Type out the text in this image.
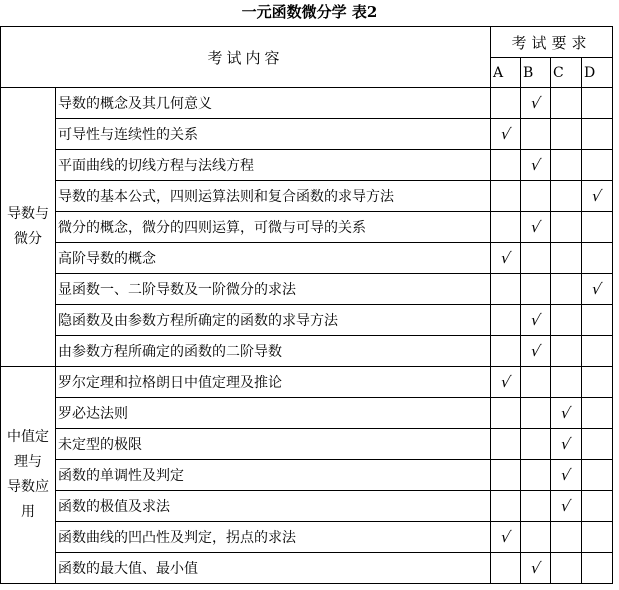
一元函数微分学 表2
考试内容		考试要求			
		A	B	C	D

导数与
微分	导数的概念及其几何意义		√		
	可导性与连续性的关系	√			
	平面曲线的切线方程与法线方程		√		
	导数的基本公式，四则运算法则和复合函数的求导方法				√
	微分的概念，微分的四则运算，可微与可导的关系		√		
	高阶导数的概念	√			
	显函数一、二阶导数及一阶微分的求法				√
	隐函数及由参数方程所确定的函数的求导方法		√		
	由参数方程所确定的函数的二阶导数		√		

中值定
理与
导数应
用	罗尔定理和拉格朗日中值定理及推论	√			
	罗必达法则			√	
	未定型的极限			√	
	函数的单调性及判定			√	
	函数的极值及求法			√	
	函数曲线的凹凸性及判定，拐点的求法	√			
	函数的最大值、最小值		√		
